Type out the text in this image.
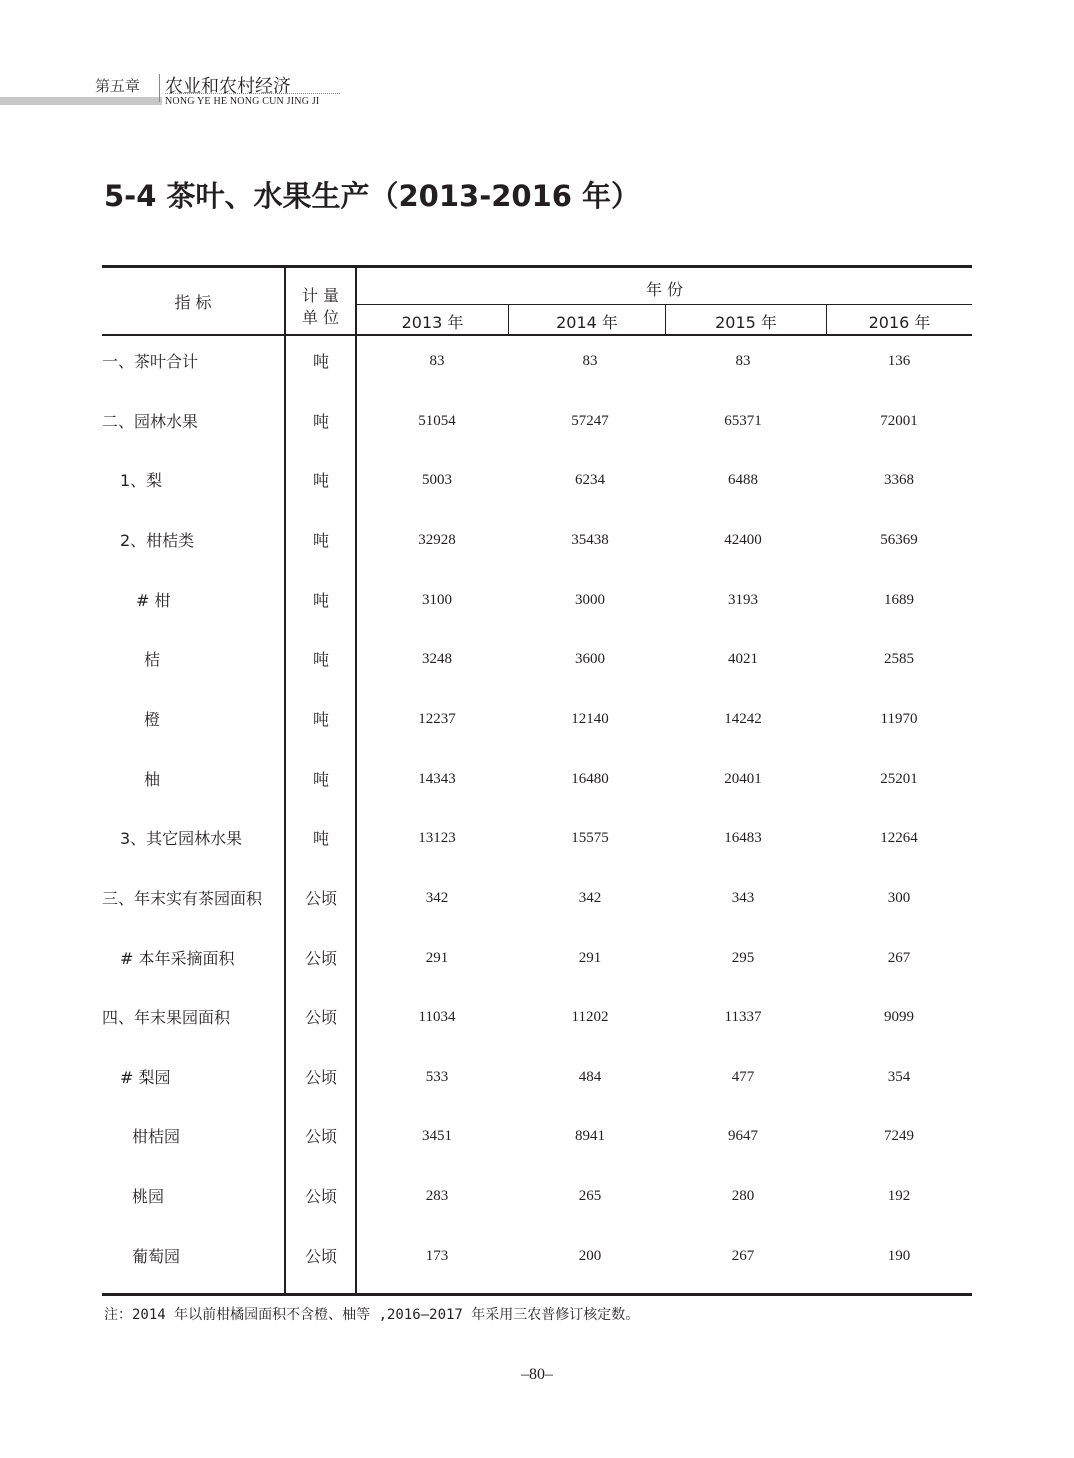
第五章 农业和农村经济
NONG YE HE NONG CUN JING JI
5-4 茶叶、水果生产（2013-2016 年）
指 标	计 量
单 位
年 份
2013 年	2014 年	2015 年	2016 年
一、茶叶合计	吨	83	83	83	136
二、园林水果	吨	51054	57247	65371	72001
1、梨	吨	5003	6234	6488	3368
2、柑桔类	吨	32928	35438	42400	56369
# 柑	吨	3100	3000	3193	1689
桔	吨	3248	3600	4021	2585
橙	吨	12237	12140	14242	11970
柚	吨	14343	16480	20401	25201
3、其它园林水果	吨	13123	15575	16483	12264
三、年末实有茶园面积	公顷	342	342	343	300
# 本年采摘面积	公顷	291	291	295	267
四、年末果园面积	公顷	11034	11202	11337	9099
# 梨园	公顷	533	484	477	354
柑桔园	公顷	3451	8941	9647	7249
桃园	公顷	283	265	280	192
葡萄园	公顷	173	200	267	190
注：2014 年以前柑橘园面积不含橙、柚等 ,2016—2017 年采用三农普修订核定数。
–80–
